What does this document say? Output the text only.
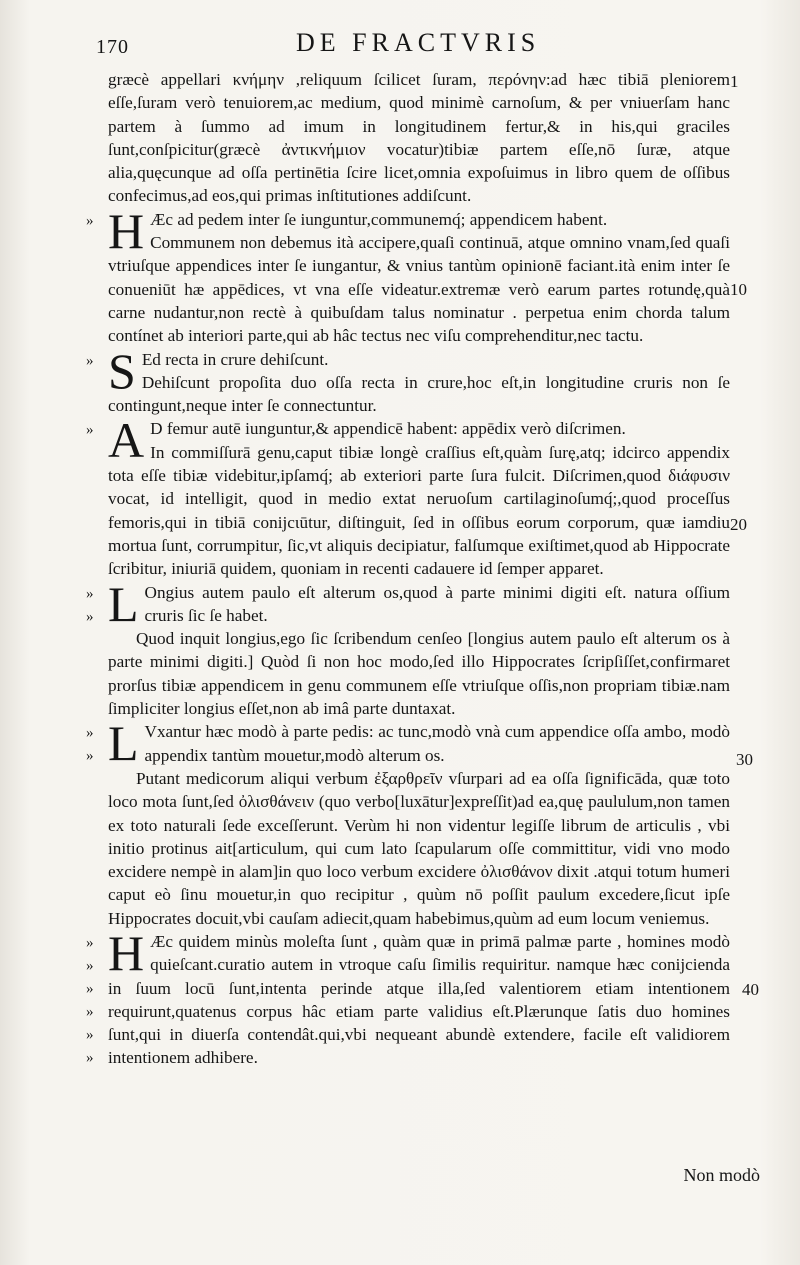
170	DE FRACTVRIS
1
10
20
30
40

græcè appellari κνήμην ,reliquum ſcilicet ſuram, περόνην:ad hæc tibiā pleniorem eſſe,ſuram verò tenuiorem,ac medium, quod minimè carnoſum, & per vniuerſam hanc partem à ſummo ad imum in longitudinem fertur,& in his,qui graciles ſunt,conſpicitur(græcè ἀντικνήμιον vocatur)tibiæ partem eſſe,nō ſuræ, atque alia,quęcunque ad oſſa pertinētia ſcire licet,omnia expoſuimus in libro quem de oſſibus confecimus,ad eos,qui primas inſtitutiones addiſcunt.

» H Æc ad pedem inter ſe iunguntur,communemq́; appendicem habent.
Communem non debemus ità accipere,quaſi continuā, atque omnino vnam,ſed quaſi vtriuſque appendices inter ſe iungantur, & vnius tantùm opinionē faciant.ità enim inter ſe conueniūt hæ appēdices, vt vna eſſe videatur.extremæ verò earum partes rotundę,quà carne nudantur,non rectè à quibuſdam talus nominatur . perpetua enim chorda talum contínet ab interiori parte,qui ab hâc tectus nec viſu comprehenditur,nec tactu.
» S Ed recta in crure dehiſcunt.
Dehiſcunt propoſita duo oſſa recta in crure,hoc eſt,in longitudine cruris non ſe contingunt,neque inter ſe connectuntur.
» A D femur autē iunguntur,& appendicē habent: appēdix verò diſcrimen.
In commiſſurā genu,caput tibiæ longè craſſius eſt,quàm ſurę,atq; idcirco appendix tota eſſe tibiæ videbitur,ipſamq́; ab exteriori parte ſura fulcit. Diſcrimen,quod διάφυσιν vocat, id intelligit, quod in medio extat neruoſum cartilaginoſumq́;,quod proceſſus femoris,qui in tibiā conijcιūtur, diſtinguit, ſed in oſſibus eorum corporum, quæ iamdiu mortua ſunt, corrumpitur, ſic,vt aliquis decipiatur, falſumque exiſtimet,quod ab Hippocrate ſcribitur, iniuriā quidem, quoniam in recenti cadauere id ſemper apparet.
»
» L Ongius autem paulo eſt alterum os,quod à parte minimi digiti eſt. natura oſſium cruris ſic ſe habet.

Quod inquit longius,ego ſic ſcribendum cenſeo [longius autem paulo eſt alterum os à parte minimi digiti.] Quòd ſi non hoc modo,ſed illo Hippocrates ſcripſiſſet,confirmaret prorſus tibiæ appendicem in genu communem eſſe vtriuſque oſſis,non propriam tibiæ.nam ſimpliciter longius eſſet,non ab imâ parte duntaxat.

»
» L Vxantur hæc modò à parte pedis: ac tunc,modò vnà cum appendice oſſa ambo, modò appendix tantùm mouetur,modò alterum os.

Putant medicorum aliqui verbum ἐξαρθρεῖν vſurpari ad ea oſſa ſignificāda, quæ toto loco mota ſunt,ſed ὀλισθάνειν (quo verbo[luxātur]expreſſit)ad ea,quę paululum,non tamen ex toto naturali ſede exceſſerunt. Verùm hi non videntur legiſſe librum de articulis , vbi initio protinus ait[articulum, qui cum lato ſcapularum oſſe committitur, vidi vno modo excidere nempè in alam]in quo loco verbum excidere ὀλισθάνον dixit .atqui totum humeri caput eò ſinu mouetur,in quo recipitur , quùm nō poſſit paulum excedere,ſicut ipſe Hippocrates docuit,vbi cauſam adiecit,quam habebimus,quùm ad eum locum veniemus.

»
»
»
»
»
»
H Æc quidem minùs moleſta ſunt , quàm quæ in primā palmæ parte , homines modò quieſcant.curatio autem in vtroque caſu ſimilis requiritur. namque hæc conijcienda in ſuum locū ſunt,intenta perinde atque illa,ſed valentiorem etiam intentionem requirunt,quatenus corpus hâc etiam parte validius eſt.Plærunque ſatis duo homines ſunt,qui in diuerſa contendât.qui,vbi nequeant abundè extendere, facile eſt validiorem intentionem adhibere.
Non modò
